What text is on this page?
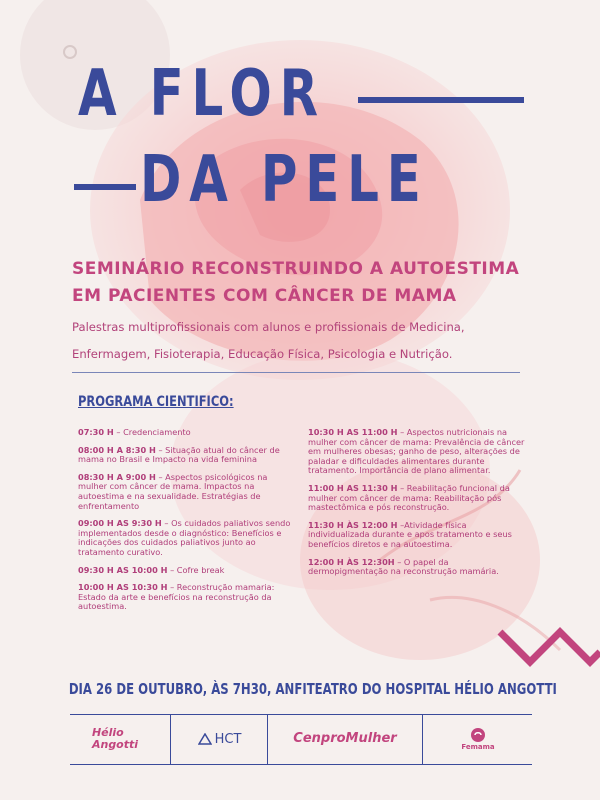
A FLOR
DA PELE
SEMINÁRIO RECONSTRUINDO A AUTOESTIMA
EM PACIENTES COM CÂNCER DE MAMA
Palestras multiprofissionais com alunos e profissionais de Medicina,
Enfermagem, Fisioterapia, Educação Física, Psicologia e Nutrição.
PROGRAMA CIENTIFICO:
07:30 H – Credenciamento
08:00 H A 8:30 H – Situação atual do câncer de mama no Brasil e Impacto na vida feminina
08:30 H A 9:00 H – Aspectos psicológicos na mulher com câncer de mama. Impactos na autoestima e na sexualidade. Estratégias de enfrentamento
09:00 H AS 9:30 H – Os cuidados paliativos sendo implementados desde o diagnóstico: Benefícios e indicações dos cuidados paliativos junto ao tratamento curativo.
09:30 H AS 10:00 H – Cofre break
10:00 H AS 10:30 H – Reconstrução mamaria: Estado da arte e benefícios na reconstrução da autoestima.
10:30 H AS 11:00 H – Aspectos nutricionais na mulher com câncer de mama: Prevalência de câncer em mulheres obesas; ganho de peso, alterações de paladar e dificuldades alimentares durante tratamento. Importância de plano alimentar.
11:00 H AS 11:30 H – Reabilitação funcional da mulher com câncer de mama: Reabilitação pós mastectômica e pós reconstrução.
11:30 H ÀS 12:00 H –Atividade física individualizada durante e apos tratamento e seus benefícios diretos e na autoestima.
12:00 H ÀS 12:30H – O papel da dermopigmentação na reconstrução mamária.
DIA 26 DE OUTUBRO, ÀS 7H30, ANFITEATRO DO HOSPITAL HÉLIO ANGOTTI
Hélio
Angotti	HCT	CenproMulher
Femama
